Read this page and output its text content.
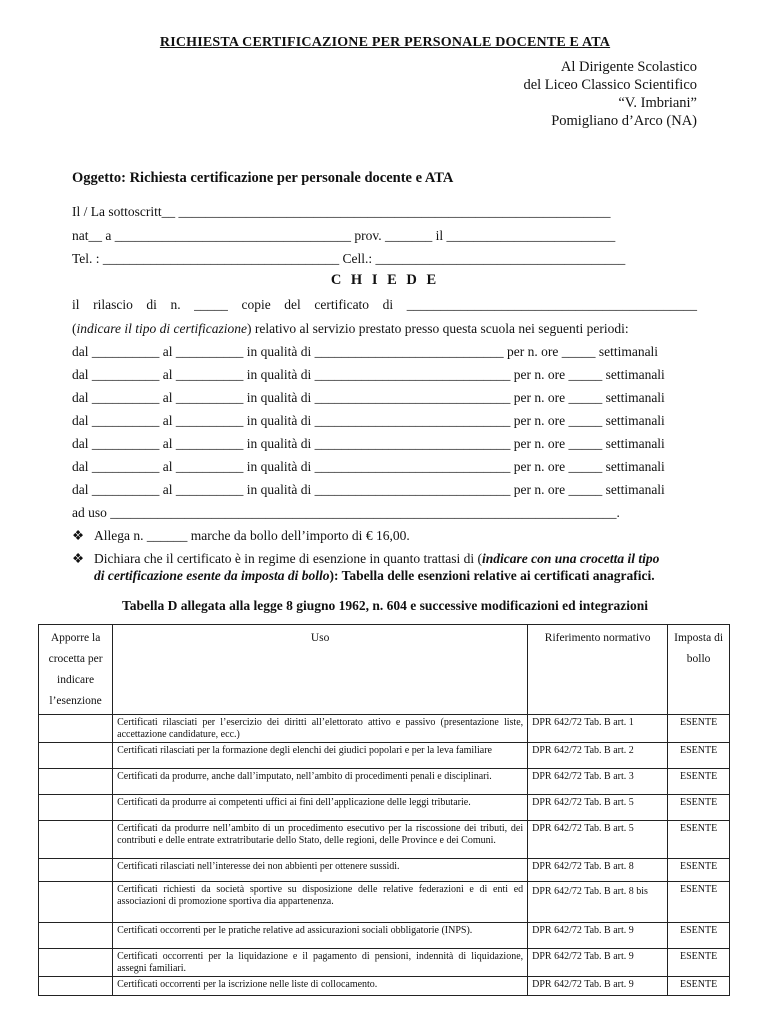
RICHIESTA CERTIFICAZIONE PER PERSONALE DOCENTE E ATA
Al Dirigente Scolastico
del Liceo Classico Scientifico
“V. Imbriani”
Pomigliano d’Arco (NA)
Oggetto: Richiesta certificazione per personale docente e ATA
Il / La sottoscritt__ ________________________________________________________________
nat__ a ___________________________________ prov. _______ il _________________________
Tel. : ___________________________________ Cell.: _____________________________________
C H I E D E
il rilascio di n. _____ copie del certificato di ___________________________________________
(indicare il tipo di certificazione) relativo al servizio prestato presso questa scuola nei seguenti periodi:
dal __________ al __________ in qualità di ____________________________ per n. ore _____ settimanali
dal __________ al __________ in qualità di _____________________________ per n. ore _____ settimanali
dal __________ al __________ in qualità di _____________________________ per n. ore _____ settimanali
dal __________ al __________ in qualità di _____________________________ per n. ore _____ settimanali
dal __________ al __________ in qualità di _____________________________ per n. ore _____ settimanali
dal __________ al __________ in qualità di _____________________________ per n. ore _____ settimanali
dal __________ al __________ in qualità di _____________________________ per n. ore _____ settimanali
ad uso ___________________________________________________________________________.
❖ Allega n. ______ marche da bollo dell’importo di € 16,00.
❖ Dichiara che il certificato è in regime di esenzione in quanto trattasi di (indicare con una crocetta il tipo
di certificazione esente da imposta di bollo): Tabella delle esenzioni relative ai certificati anagrafici.
Tabella D allegata alla legge 8 giugno 1962, n. 604 e successive modificazioni ed integrazioni
Apporre la crocetta per indicare l’esenzione	Uso	Riferimento normativo	Imposta di bollo
	Certificati rilasciati per l’esercizio dei diritti all’elettorato attivo e passivo (presentazione liste, accettazione candidature, ecc.)	DPR 642/72 Tab. B art. 1	ESENTE
	Certificati rilasciati per la formazione degli elenchi dei giudici popolari e per la leva familiare	DPR 642/72 Tab. B art. 2	ESENTE
	Certificati da produrre, anche dall’imputato, nell’ambito di procedimenti penali e disciplinari.	DPR 642/72 Tab. B art. 3	ESENTE
	Certificati da produrre ai competenti uffici ai fini dell’applicazione delle leggi tributarie.	DPR 642/72 Tab. B art. 5	ESENTE
	Certificati da produrre nell’ambito di un procedimento esecutivo per la riscossione dei tributi, dei contributi e delle entrate extratributarie dello Stato, delle regioni, delle Province e dei Comuni.	DPR 642/72 Tab. B art. 5	ESENTE
	Certificati rilasciati nell’interesse dei non abbienti per ottenere sussidi.	DPR 642/72 Tab. B art. 8	ESENTE
	Certificati richiesti da società sportive su disposizione delle relative federazioni e di enti ed associazioni di promozione sportiva dia appartenenza.	DPR 642/72 Tab. B art. 8 bis	ESENTE
	Certificati occorrenti per le pratiche relative ad assicurazioni sociali obbligatorie (INPS).	DPR 642/72 Tab. B art. 9	ESENTE
	Certificati occorrenti per la liquidazione e il pagamento di pensioni, indennità di liquidazione, assegni familiari.	DPR 642/72 Tab. B art. 9	ESENTE
	Certificati occorrenti per la iscrizione nelle liste di collocamento.	DPR 642/72 Tab. B art. 9	ESENTE
